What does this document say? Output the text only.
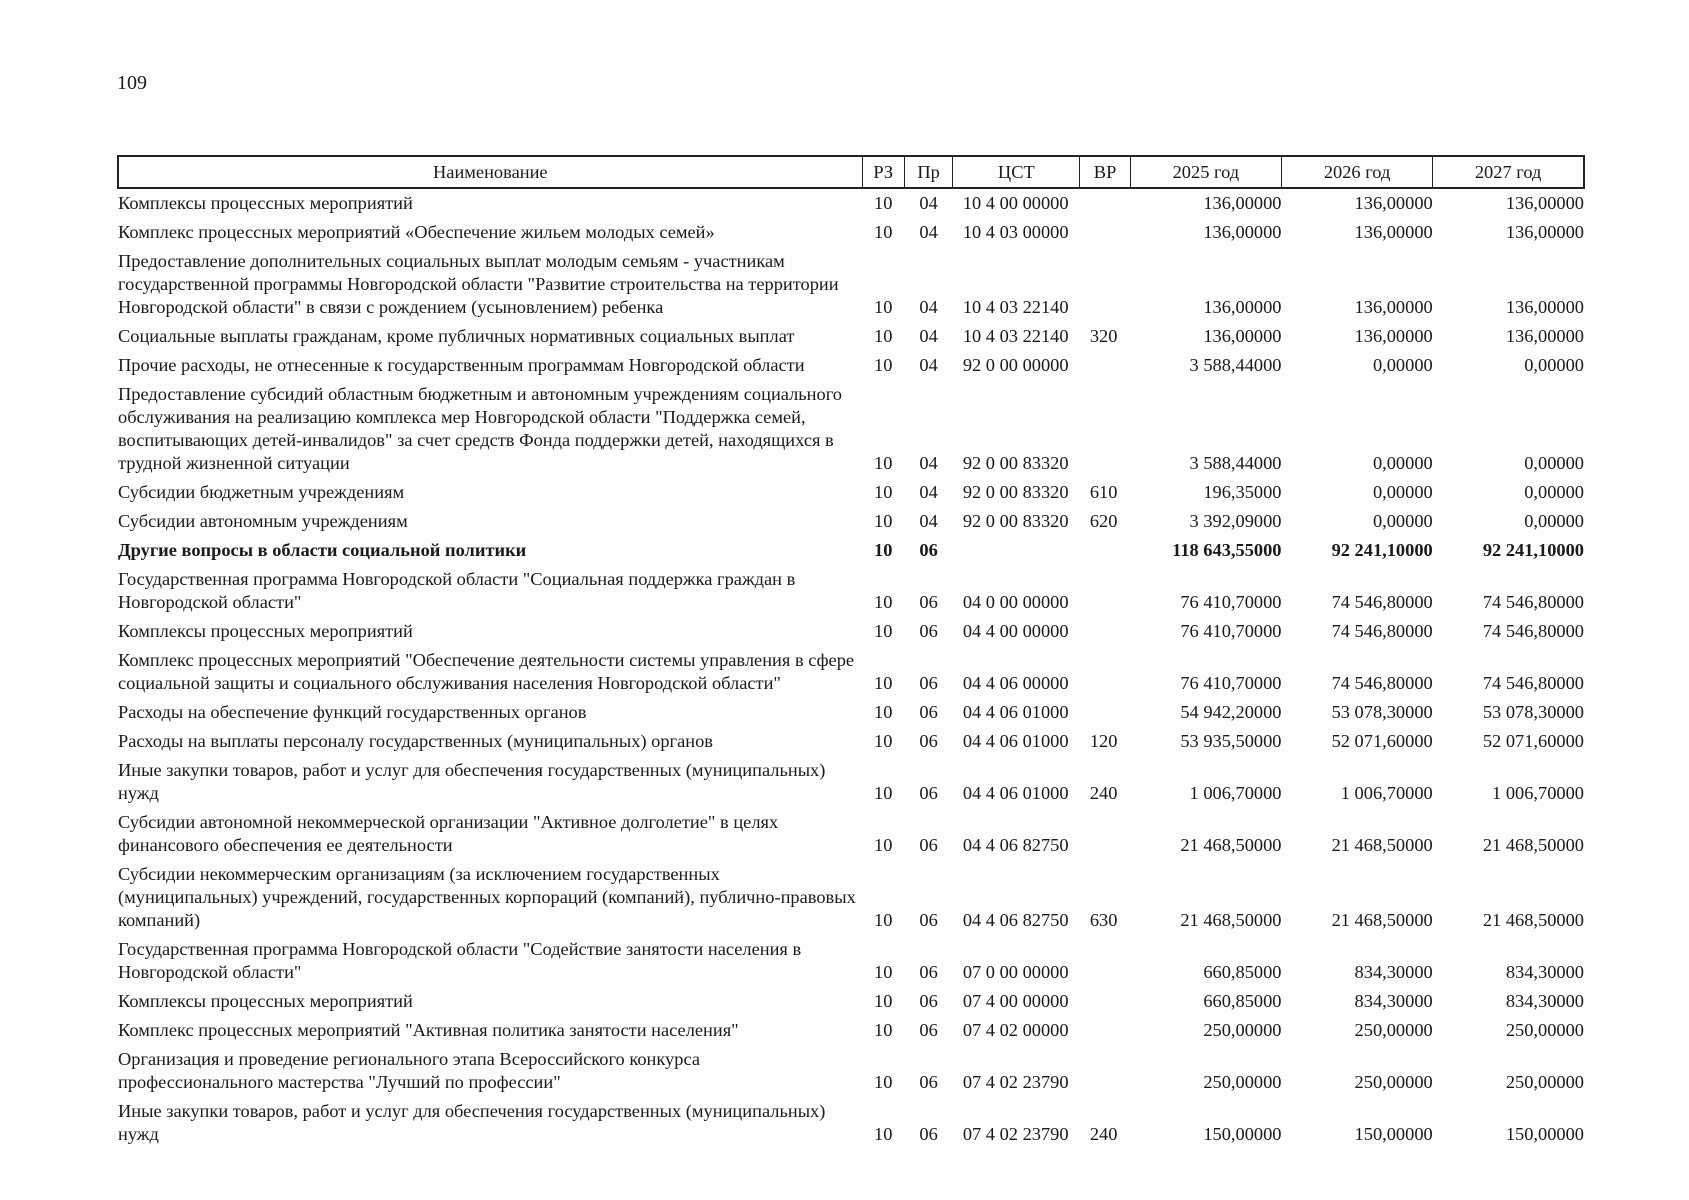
109
Наименование	РЗ	Пр	ЦСТ	ВР	2025 год	2026 год	2027 год
Комплексы процессных мероприятий	10	04	10 4 00 00000		136,00000	136,00000	136,00000
Комплекс процессных мероприятий «Обеспечение жильем молодых семей»	10	04	10 4 03 00000		136,00000	136,00000	136,00000
Предоставление дополнительных социальных выплат молодым семьям - участникам государственной программы Новгородской области "Развитие строительства на территории Новгородской области" в связи с рождением (усыновлением) ребенка	10	04	10 4 03 22140		136,00000	136,00000	136,00000
Социальные выплаты гражданам, кроме публичных нормативных социальных выплат	10	04	10 4 03 22140	320	136,00000	136,00000	136,00000
Прочие расходы, не отнесенные к государственным программам Новгородской области	10	04	92 0 00 00000		3 588,44000	0,00000	0,00000
Предоставление субсидий областным бюджетным и автономным учреждениям социального обслуживания на реализацию комплекса мер Новгородской области "Поддержка семей, воспитывающих детей-инвалидов" за счет средств Фонда поддержки детей, находящихся в трудной жизненной ситуации	10	04	92 0 00 83320		3 588,44000	0,00000	0,00000
Субсидии бюджетным учреждениям	10	04	92 0 00 83320	610	196,35000	0,00000	0,00000
Субсидии автономным учреждениям	10	04	92 0 00 83320	620	3 392,09000	0,00000	0,00000
Другие вопросы в области социальной политики	10	06			118 643,55000	92 241,10000	92 241,10000
Государственная программа Новгородской области "Социальная поддержка граждан в Новгородской области"	10	06	04 0 00 00000		76 410,70000	74 546,80000	74 546,80000
Комплексы процессных мероприятий	10	06	04 4 00 00000		76 410,70000	74 546,80000	74 546,80000
Комплекс процессных мероприятий "Обеспечение деятельности системы управления в сфере социальной защиты и социального обслуживания населения Новгородской области"	10	06	04 4 06 00000		76 410,70000	74 546,80000	74 546,80000
Расходы на обеспечение функций государственных органов	10	06	04 4 06 01000		54 942,20000	53 078,30000	53 078,30000
Расходы на выплаты персоналу государственных (муниципальных) органов	10	06	04 4 06 01000	120	53 935,50000	52 071,60000	52 071,60000
Иные закупки товаров, работ и услуг для обеспечения государственных (муниципальных) нужд	10	06	04 4 06 01000	240	1 006,70000	1 006,70000	1 006,70000
Субсидии автономной некоммерческой организации "Активное долголетие" в целях финансового обеспечения ее деятельности	10	06	04 4 06 82750		21 468,50000	21 468,50000	21 468,50000
Субсидии некоммерческим организациям (за исключением государственных (муниципальных) учреждений, государственных корпораций (компаний), публично-правовых компаний)	10	06	04 4 06 82750	630	21 468,50000	21 468,50000	21 468,50000
Государственная программа Новгородской области "Содействие занятости населения в Новгородской области"	10	06	07 0 00 00000		660,85000	834,30000	834,30000
Комплексы процессных мероприятий	10	06	07 4 00 00000		660,85000	834,30000	834,30000
Комплекс процессных мероприятий "Активная политика занятости населения"	10	06	07 4 02 00000		250,00000	250,00000	250,00000
Организация и проведение регионального этапа Всероссийского конкурса профессионального мастерства "Лучший по профессии"	10	06	07 4 02 23790		250,00000	250,00000	250,00000
Иные закупки товаров, работ и услуг для обеспечения государственных (муниципальных) нужд	10	06	07 4 02 23790	240	150,00000	150,00000	150,00000
